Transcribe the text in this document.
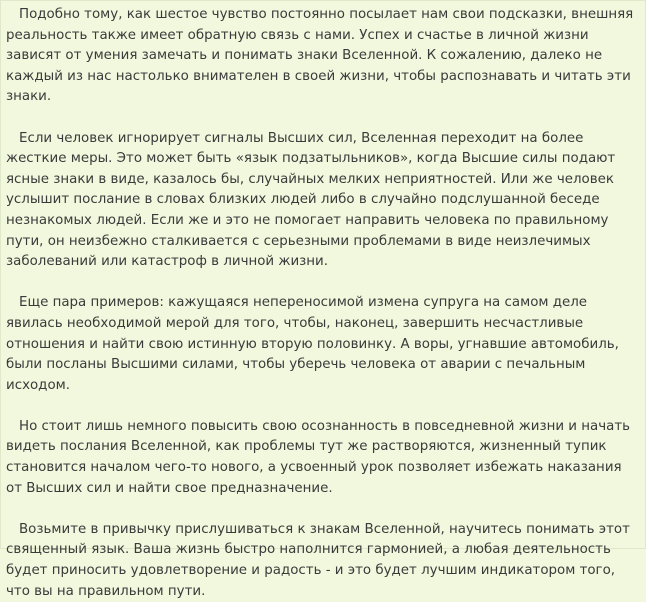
Подобно тому, как шестое чувство постоянно посылает нам свои подсказки, внешняя реальность также имеет обратную связь с нами. Успех и счастье в личной жизни зависят от умения замечать и понимать знаки Вселенной. К сожалению, далеко не каждый из нас настолько внимателен в своей жизни, чтобы распознавать и читать эти знаки.

Если человек игнорирует сигналы Высших сил, Вселенная переходит на более жесткие меры. Это может быть «язык подзатыльников», когда Высшие силы подают ясные знаки в виде, казалось бы, случайных мелких неприятностей. Или же человек услышит послание в словах близких людей либо в случайно подслушанной беседе незнакомых людей. Если же и это не помогает направить человека по правильному пути, он неизбежно сталкивается с серьезными проблемами в виде неизлечимых заболеваний или катастроф в личной жизни.

Еще пара примеров: кажущаяся непереносимой измена супруга на самом деле явилась необходимой мерой для того, чтобы, наконец, завершить несчастливые отношения и найти свою истинную вторую половинку. А воры, угнавшие автомобиль, были посланы Высшими силами, чтобы уберечь человека от аварии с печальным исходом.

Но стоит лишь немного повысить свою осознанность в повседневной жизни и начать видеть послания Вселенной, как проблемы тут же растворяются, жизненный тупик становится началом чего-то нового, а усвоенный урок позволяет избежать наказания от Высших сил и найти свое предназначение.

Возьмите в привычку прислушиваться к знакам Вселенной, научитесь понимать этот священный язык. Ваша жизнь быстро наполнится гармонией, а любая деятельность будет приносить удовлетворение и радость - и это будет лучшим индикатором того, что вы на правильном пути.
